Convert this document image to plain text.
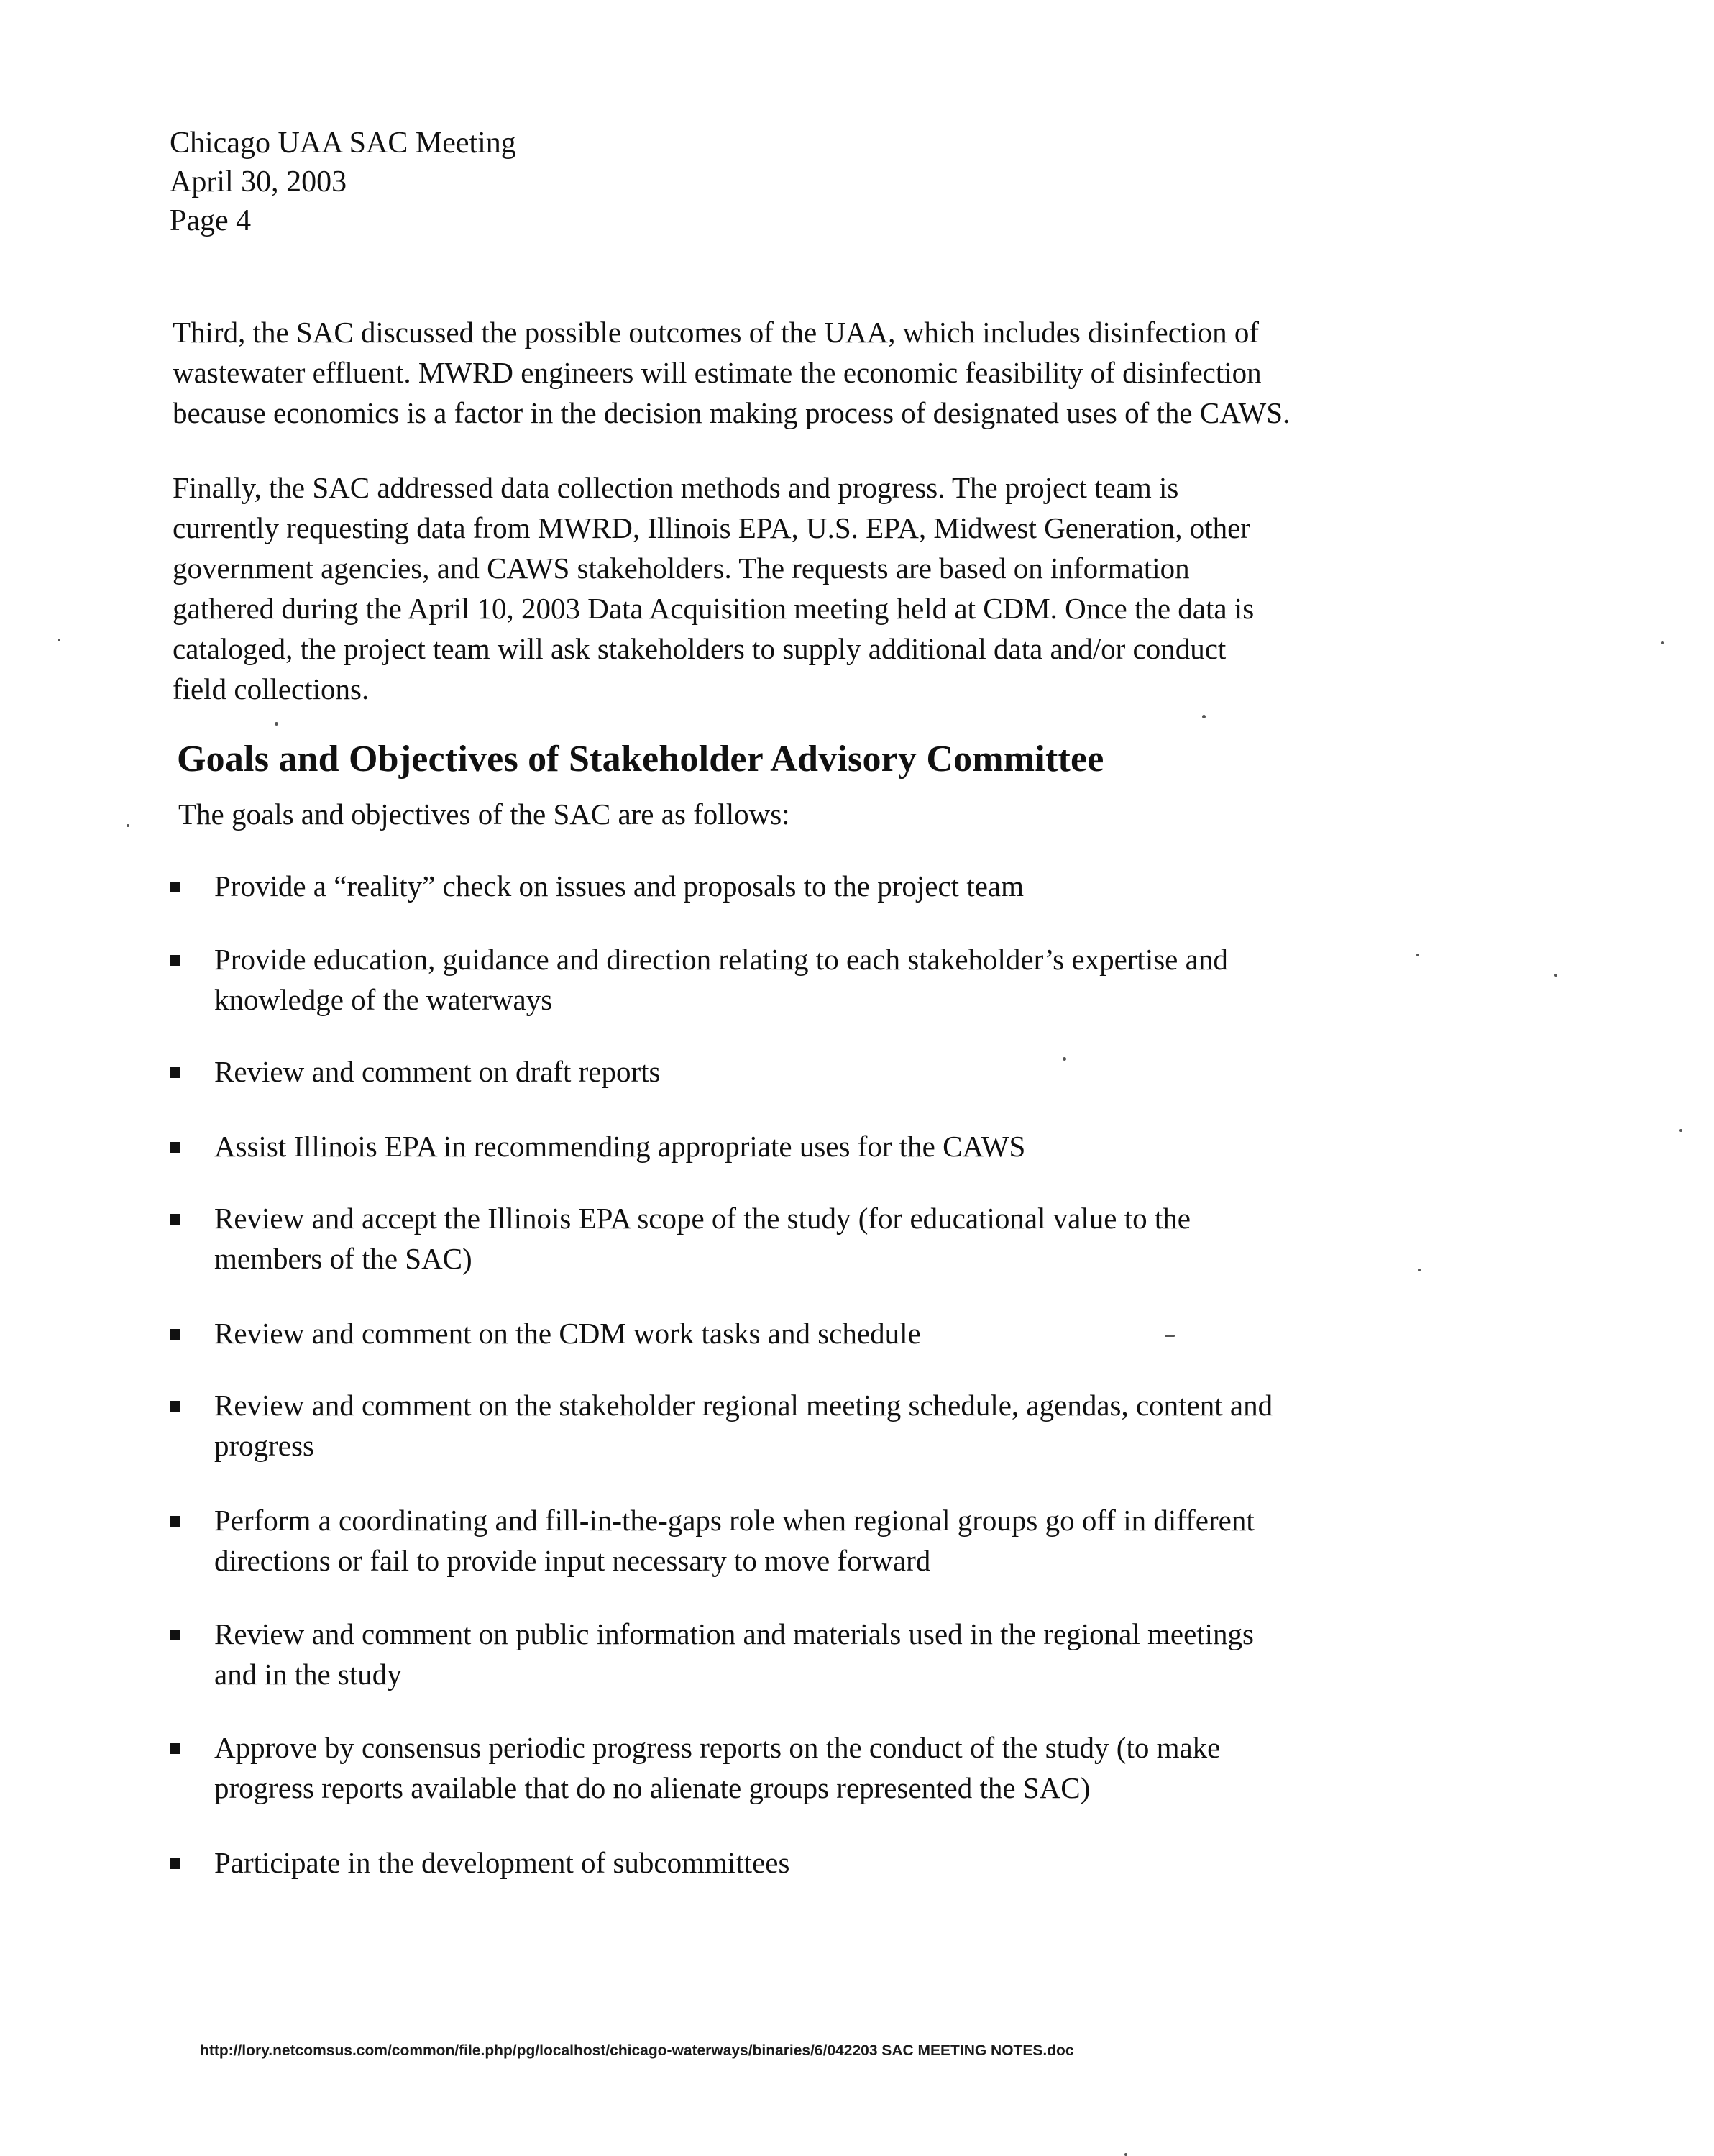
Chicago UAA SAC Meeting
April 30, 2003
Page 4
Third, the SAC discussed the possible outcomes of the UAA, which includes disinfection of
wastewater effluent. MWRD engineers will estimate the economic feasibility of disinfection
because economics is a factor in the decision making process of designated uses of the CAWS.
Finally, the SAC addressed data collection methods and progress. The project team is
currently requesting data from MWRD, Illinois EPA, U.S. EPA, Midwest Generation, other
government agencies, and CAWS stakeholders. The requests are based on information
gathered during the April 10, 2003 Data Acquisition meeting held at CDM. Once the data is
cataloged, the project team will ask stakeholders to supply additional data and/or conduct
field collections.
Goals and Objectives of Stakeholder Advisory Committee
The goals and objectives of the SAC are as follows:
Provide a “reality” check on issues and proposals to the project team
Provide education, guidance and direction relating to each stakeholder’s expertise and
knowledge of the waterways
Review and comment on draft reports
Assist Illinois EPA in recommending appropriate uses for the CAWS
Review and accept the Illinois EPA scope of the study (for educational value to the
members of the SAC)
Review and comment on the CDM work tasks and schedule
Review and comment on the stakeholder regional meeting schedule, agendas, content and
progress
Perform a coordinating and fill-in-the-gaps role when regional groups go off in different
directions or fail to provide input necessary to move forward
Review and comment on public information and materials used in the regional meetings
and in the study
Approve by consensus periodic progress reports on the conduct of the study (to make
progress reports available that do no alienate groups represented the SAC)
Participate in the development of subcommittees
http://lory.netcomsus.com/common/file.php/pg/localhost/chicago-waterways/binaries/6/042203 SAC MEETING NOTES.doc
